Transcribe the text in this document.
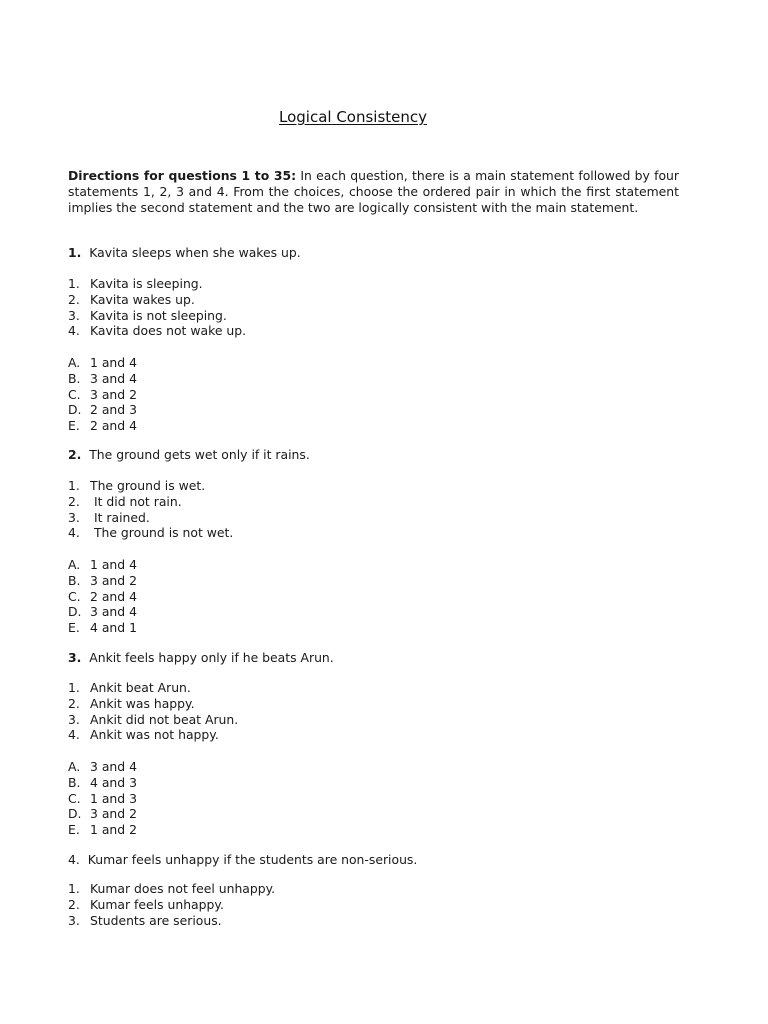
Logical Consistency

Directions for questions 1 to 35: In each question, there is a main statement followed by four statements 1, 2, 3 and 4. From the choices, choose the ordered pair in which the first statement implies the second statement and the two are logically consistent with the main statement.

1. Kavita sleeps when she wakes up.
1. Kavita is sleeping.
2. Kavita wakes up.
3. Kavita is not sleeping.
4. Kavita does not wake up.
A. 1 and 4
B. 3 and 4
C. 3 and 2
D. 2 and 3
E. 2 and 4
2. The ground gets wet only if it rains.
1. The ground is wet.
2. It did not rain.
3. It rained.
4. The ground is not wet.
A. 1 and 4
B. 3 and 2
C. 2 and 4
D. 3 and 4
E. 4 and 1
3. Ankit feels happy only if he beats Arun.
1. Ankit beat Arun.
2. Ankit was happy.
3. Ankit did not beat Arun.
4. Ankit was not happy.
A. 3 and 4
B. 4 and 3
C. 1 and 3
D. 3 and 2
E. 1 and 2
4. Kumar feels unhappy if the students are non-serious.
1. Kumar does not feel unhappy.
2. Kumar feels unhappy.
3. Students are serious.
